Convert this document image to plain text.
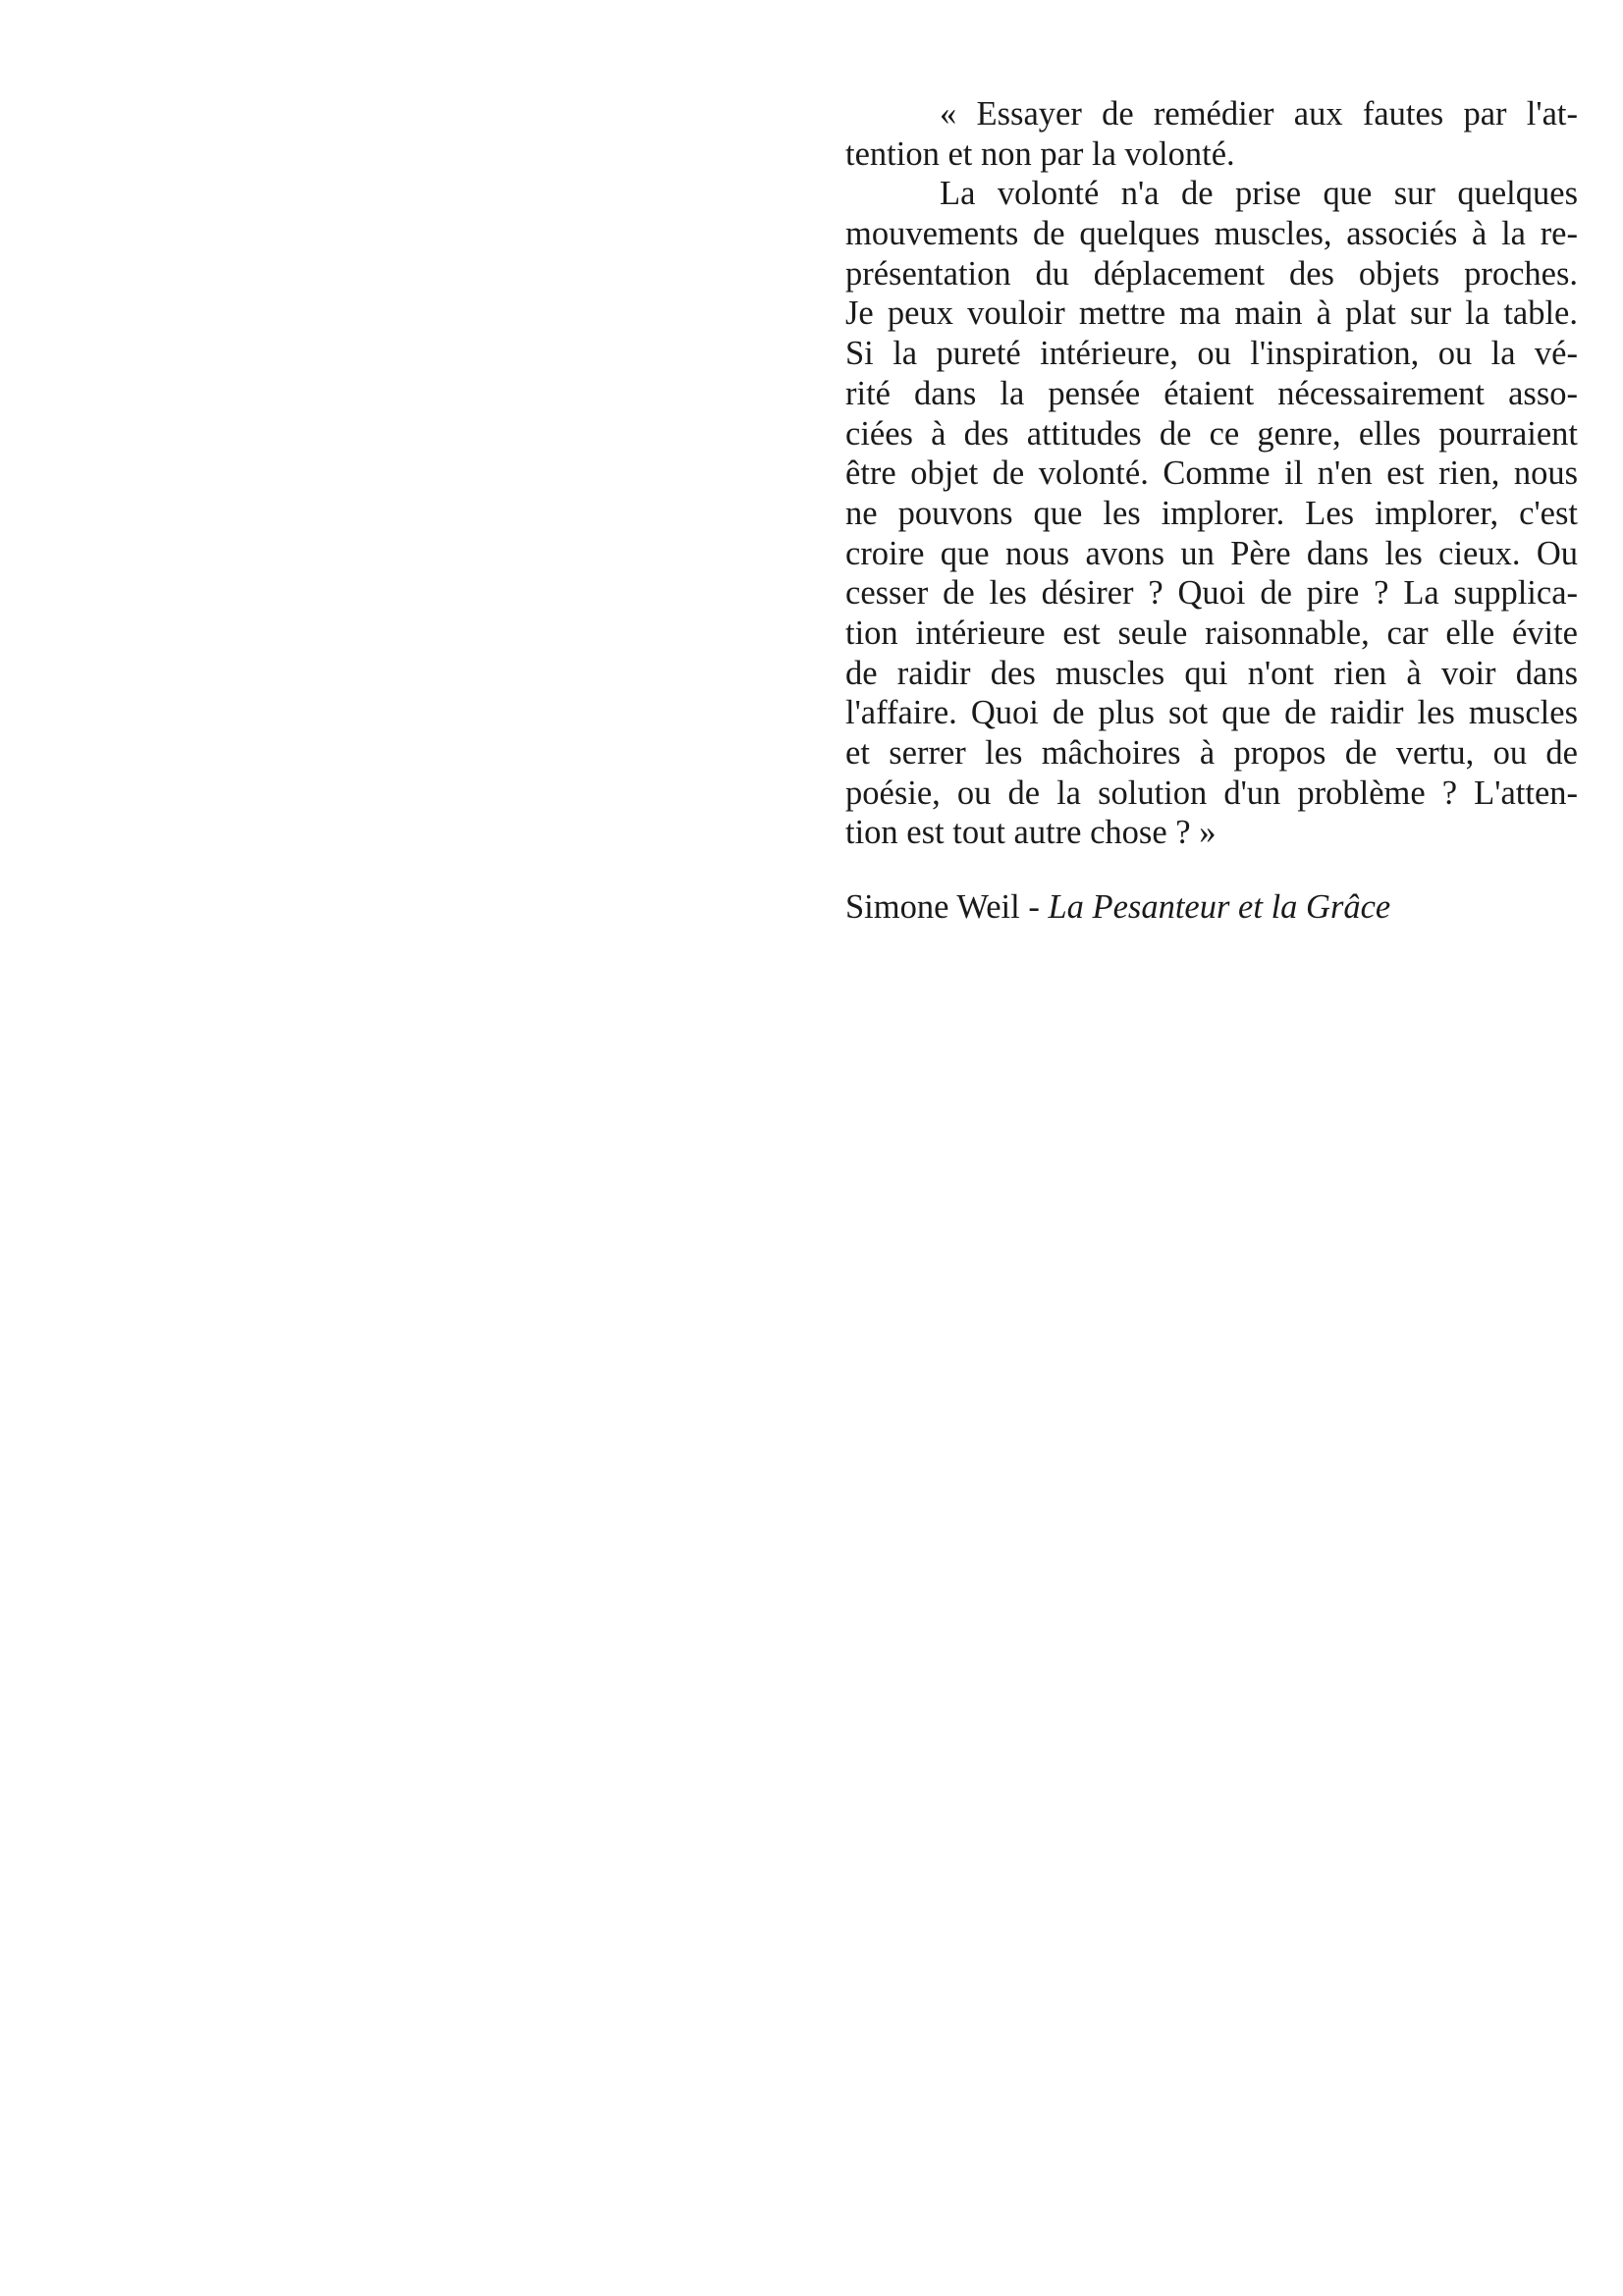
« Essayer de remédier aux fautes par l'at-
tention et non par la volonté.
La volonté n'a de prise que sur quelques
mouvements de quelques muscles, associés à la re-
présentation du déplacement des objets proches.
Je peux vouloir mettre ma main à plat sur la table.
Si la pureté intérieure, ou l'inspiration, ou la vé-
rité dans la pensée étaient nécessairement asso-
ciées à des attitudes de ce genre, elles pourraient
être objet de volonté. Comme il n'en est rien, nous
ne pouvons que les implorer. Les implorer, c'est
croire que nous avons un Père dans les cieux. Ou
cesser de les désirer ? Quoi de pire ? La supplica-
tion intérieure est seule raisonnable, car elle évite
de raidir des muscles qui n'ont rien à voir dans
l'affaire. Quoi de plus sot que de raidir les muscles
et serrer les mâchoires à propos de vertu, ou de
poésie, ou de la solution d'un problème ? L'atten-
tion est tout autre chose ? »
Simone Weil - La Pesanteur et la Grâce
